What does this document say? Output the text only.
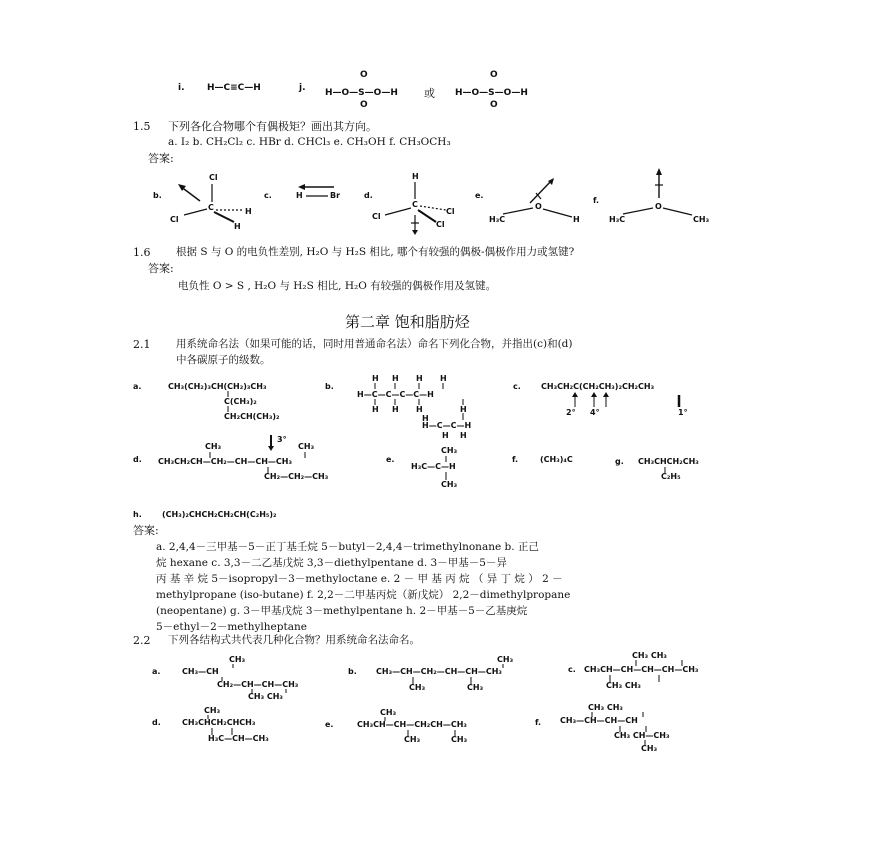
i. H—C≡C—H	j.
O
H—O—S—O—H
O
或
O
H—O—S—O—H
O
1.5 下列各化合物哪个有偶极矩？画出其方向。
a. I₂ b. CH₂Cl₂ c. HBr d. CHCl₃ e. CH₃OH f. CH₃OCH₃
答案:
b.
Cl
C
Cl
H
H
c.	H	Br	d.
H
C
Cl
Cl
Cl
e.
O
H₃C	H
f.
O
H₃C	CH₃
1.6 根据 S 与 O 的电负性差别, H₂O 与 H₂S 相比, 哪个有较强的偶极-偶极作用力或氢键?
答案:
电负性 O > S , H₂O 与 H₂S 相比, H₂O 有较强的偶极作用及氢键。
第二章 饱和脂肪烃
2.1 用系统命名法（如果可能的话，同时用普通命名法）命名下列化合物，并指出(c)和(d)
中各碳原子的级数。
a.	CH₃(CH₂)₃CH(CH₂)₃CH₃
C(CH₃)₂
CH₂CH(CH₃)₂
b.
H H H H
H—C—C—C—C—H
H H H	H
H
H—C—C—H
H H
c.	CH₃CH₂C(CH₂CH₃)₂CH₂CH₃
2° 4°	1°
d.
CH₃
3°
CH₃
CH₃CH₂CH—CH₂—CH—CH—CH₃
CH₂—CH₂—CH₃
e.
CH₃
H₃C—C—H
CH₃
f.	(CH₃)₄C	g. CH₃CHCH₂CH₃
C₂H₅
h.	(CH₃)₂CHCH₂CH₂CH(C₂H₅)₂
答案:
a. 2,4,4－三甲基－5－正丁基壬烷 5－butyl－2,4,4－trimethylnonane b. 正己
烷 hexane c. 3,3－二乙基戊烷 3,3－diethylpentane d. 3－甲基－5－异
丙 基 辛 烷 5－isopropyl－3－methyloctane e. 2 － 甲 基 丙 烷 （ 异 丁 烷 ） 2 －
methylpropane (iso-butane) f. 2,2－二甲基丙烷（新戊烷） 2,2－dimethylpropane
(neopentane) g. 3－甲基戊烷 3－methylpentane h. 2－甲基－5－乙基庚烷
5－ethyl－2－methylheptane
2.2 下列各结构式共代表几种化合物？用系统命名法命名。
a.
CH₃
CH₃—CH
CH₂—CH—CH—CH₃
CH₃ CH₃
b.
CH₃
CH₃—CH—CH₂—CH—CH—CH₃
CH₃	CH₃
c.
CH₃ CH₃
CH₃CH—CH—CH—CH—CH₃
CH₃ CH₃
d.
CH₃
CH₃CHCH₂CHCH₃
H₃C—CH—CH₃
e.
CH₃
CH₃CH—CH—CH₂CH—CH₃
CH₃	CH₃
f.
CH₃ CH₃
CH₃—CH—CH—CH
CH₃ CH—CH₃
CH₃
